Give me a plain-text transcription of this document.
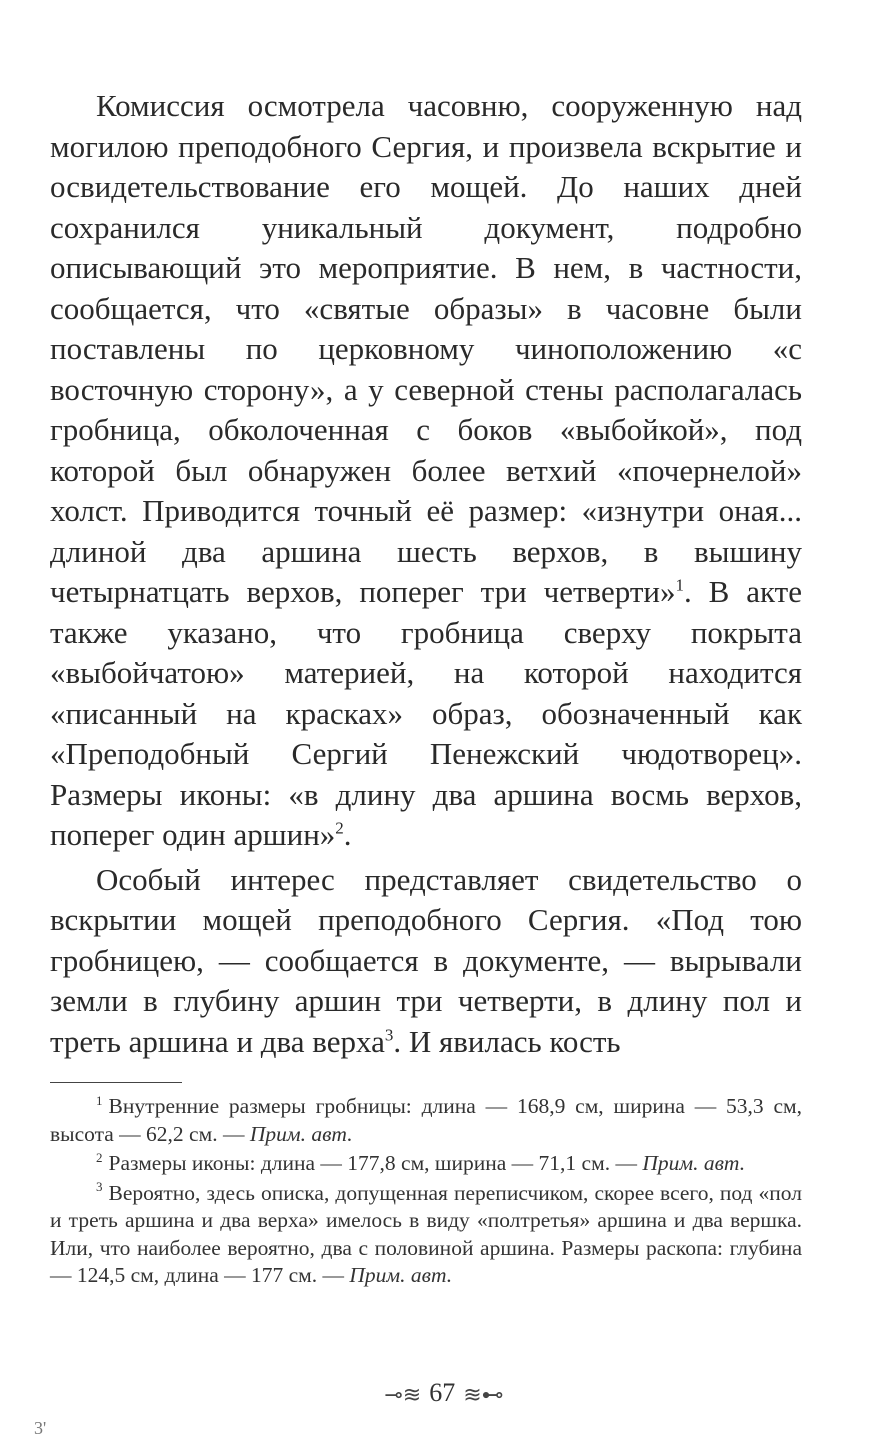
Комиссия осмотрела часовню, сооруженную над могилою преподобного Сергия, и произвела вскрытие и освидетельствование его мощей. До наших дней сохранился уникальный документ, подробно описывающий это мероприятие. В нем, в частности, сообщается, что «святые образы» в часовне были поставлены по церковному чиноположению «с восточную сторону», а у северной стены располагалась гробница, обколоченная с боков «выбойкой», под которой был обнаружен более ветхий «почернелой» холст. Приводится точный её размер: «изнутри оная... длиной два аршина шесть верхов, в вышину четырнатцать верхов, поперег три четверти»$^1$. В акте также указано, что гробница сверху покрыта «выбойчатою» материей, на которой находится «писанный на красках» образ, обозначенный как «Преподобный Сергий Пенежский чюдотворец». Размеры иконы: «в длину два аршина восмь верхов, поперег один аршин»$^2$.

Особый интерес представляет свидетельство о вскрытии мощей преподобного Сергия. «Под тою гробницею, — сообщается в документе, — вырывали земли в глубину аршин три четверти, в длину пол и треть аршина и два верха$^3$. И явилась кость

$^1$ Внутренние размеры гробницы: длина — 168,9 см, ширина — 53,3 см, высота — 62,2 см. — Прим. авт.

$^2$ Размеры иконы: длина — 177,8 см, ширина — 71,1 см. — Прим. авт.

$^3$ Вероятно, здесь описка, допущенная переписчиком, скорее всего, под «пол и треть аршина и два верха» имелось в виду «полтретья» аршина и два вершка. Или, что наиболее вероятно, два с половиной аршина. Размеры раскопа: глубина — 124,5 см, длина — 177 см. — Прим. авт.

⊸≋ 67 ≋⊷
3'
